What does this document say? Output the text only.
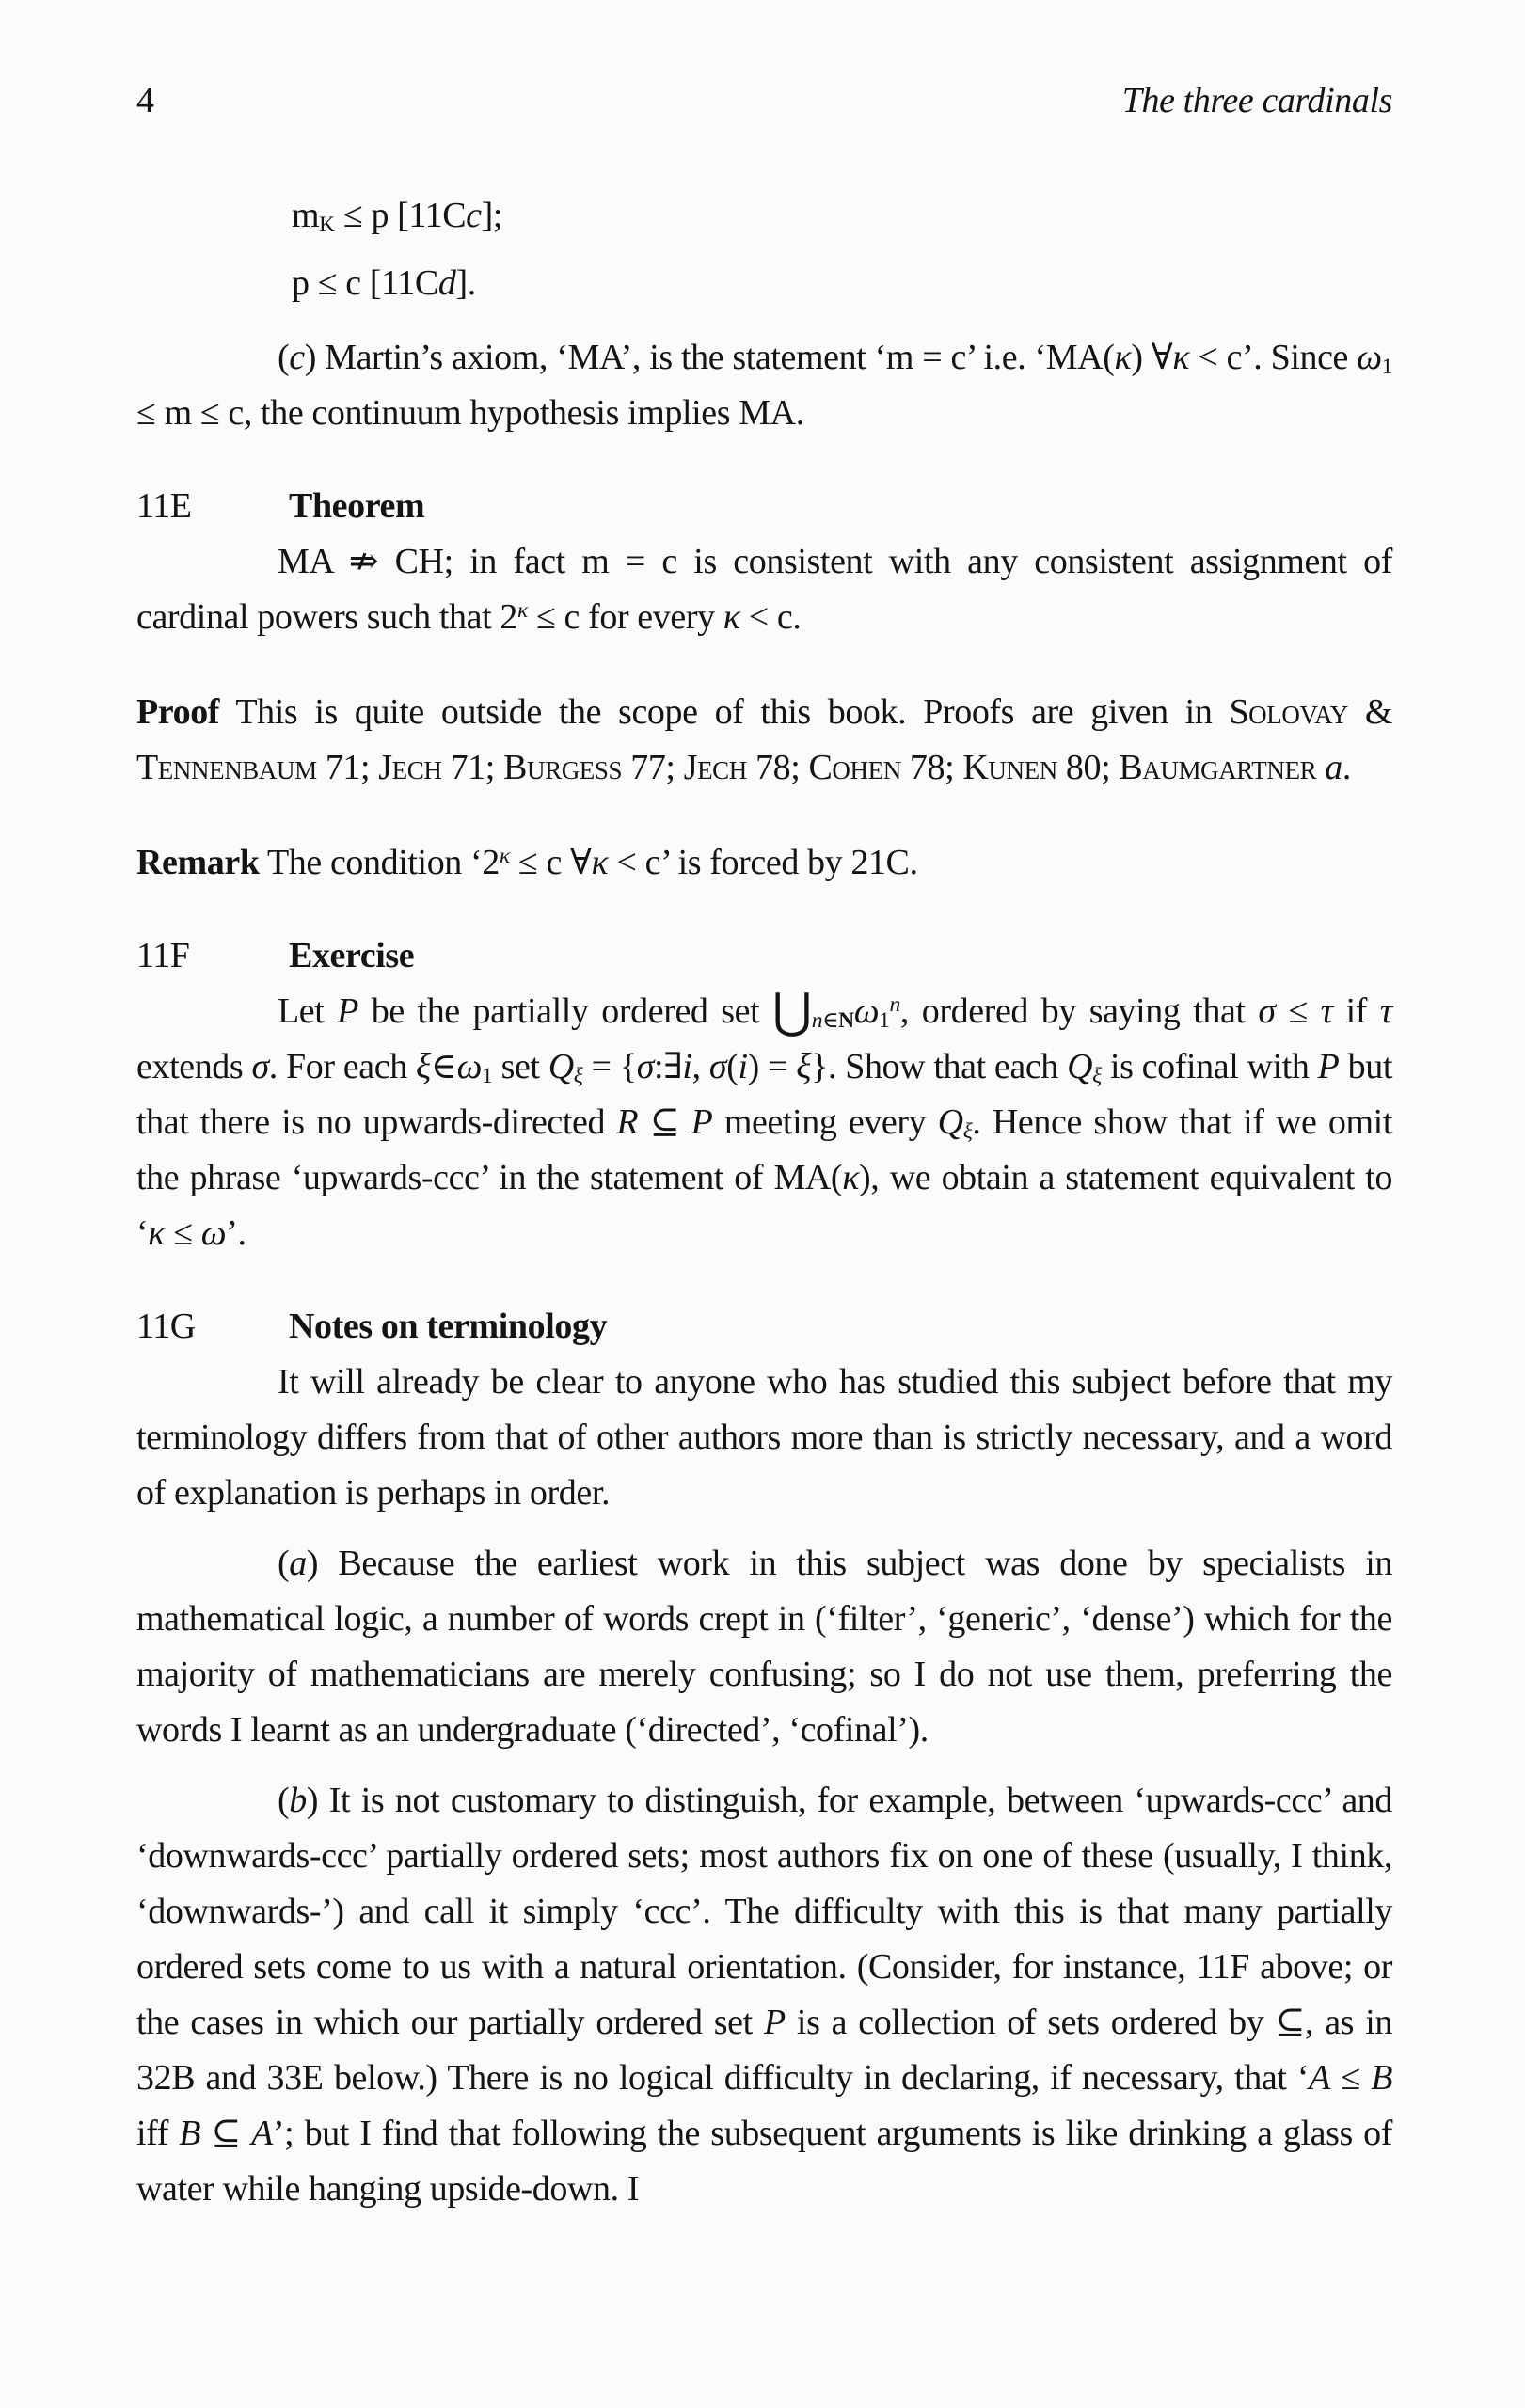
4	The three cardinals
mK ≤ p [11Cc];
p ≤ c [11Cd].

(c) Martin’s axiom, ‘MA’, is the statement ‘m = c’ i.e. ‘MA(κ) ∀κ < c’. Since ω1 ≤ m ≤ c, the continuum hypothesis implies MA.

11E	Theorem

MA ⇏ CH; in fact m = c is consistent with any consistent assignment of cardinal powers such that $2^\kappa \le c$ for every κ < c.

Proof This is quite outside the scope of this book. Proofs are given in Solovay & Tennenbaum 71; Jech 71; Burgess 77; Jech 78; Cohen 78; Kunen 80; Baumgartner a.

Remark The condition ‘$2^\kappa \le c$ ∀κ < c’ is forced by 21C.

11F	Exercise

Let P be the partially ordered set ⋃n∈Nω1$^n$, ordered by saying that σ ≤ τ if τ extends σ. For each ξ∈ω1 set Qξ = {σ:∃i, σ(i) = ξ}. Show that each Qξ is cofinal with P but that there is no upwards-directed R ⊆ P meeting every Qξ. Hence show that if we omit the phrase ‘upwards-ccc’ in the statement of MA(κ), we obtain a statement equivalent to ‘κ ≤ ω’.

11G	Notes on terminology

It will already be clear to anyone who has studied this subject before that my terminology differs from that of other authors more than is strictly necessary, and a word of explanation is perhaps in order.

(a) Because the earliest work in this subject was done by specialists in mathematical logic, a number of words crept in (‘filter’, ‘generic’, ‘dense’) which for the majority of mathematicians are merely confusing; so I do not use them, preferring the words I learnt as an undergraduate (‘directed’, ‘cofinal’).

(b) It is not customary to distinguish, for example, between ‘upwards-ccc’ and ‘downwards-ccc’ partially ordered sets; most authors fix on one of these (usually, I think, ‘downwards-’) and call it simply ‘ccc’. The difficulty with this is that many partially ordered sets come to us with a natural orientation. (Consider, for instance, 11F above; or the cases in which our partially ordered set P is a collection of sets ordered by ⊆, as in 32B and 33E below.) There is no logical difficulty in declaring, if necessary, that ‘A ≤ B iff B ⊆ A’; but I find that following the subsequent arguments is like drinking a glass of water while hanging upside-down. I
